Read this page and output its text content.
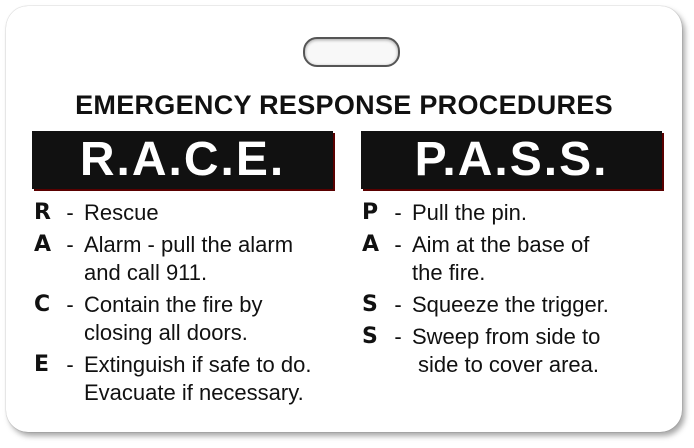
EMERGENCY RESPONSE PROCEDURES
R.A.C.E.	P.A.S.S.
R - Rescue
A - Alarm - pull the alarm
and call 911.
C - Contain the fire by
closing all doors.
E - Extinguish if safe to do.
Evacuate if necessary.
P - Pull the pin.
A - Aim at the base of
the fire.
S - Squeeze the trigger.
S - Sweep from side to
side to cover area.
